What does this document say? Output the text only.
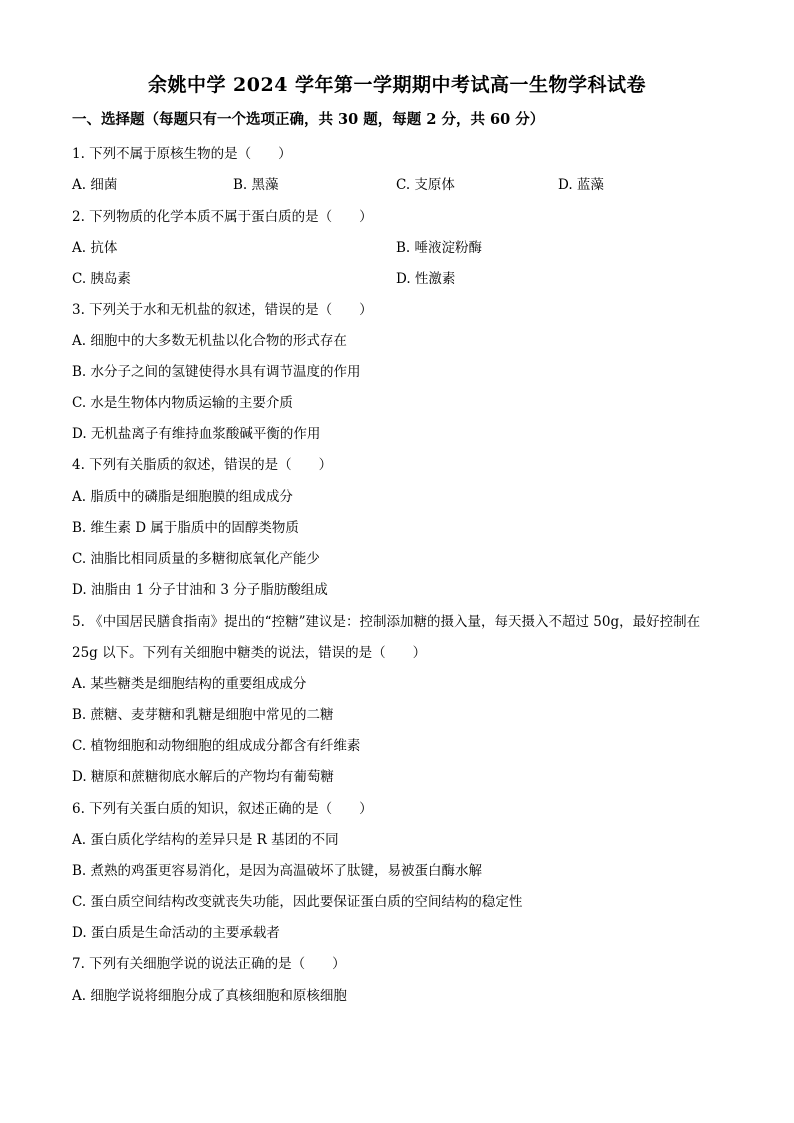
余姚中学 2024 学年第一学期期中考试高一生物学科试卷
一、选择题（每题只有一个选项正确，共 30 题，每题 2 分，共 60 分）
1. 下列不属于原核生物的是（　　）
A. 细菌	B. 黑藻	C. 支原体	D. 蓝藻
2. 下列物质的化学本质不属于蛋白质的是（　　）
A. 抗体	B. 唾液淀粉酶
C. 胰岛素	D. 性激素
3. 下列关于水和无机盐的叙述，错误的是（　　）
A. 细胞中的大多数无机盐以化合物的形式存在
B. 水分子之间的氢键使得水具有调节温度的作用
C. 水是生物体内物质运输的主要介质
D. 无机盐离子有维持血浆酸碱平衡的作用
4. 下列有关脂质的叙述，错误的是（　　）
A. 脂质中的磷脂是细胞膜的组成成分
B. 维生素 D 属于脂质中的固醇类物质
C. 油脂比相同质量的多糖彻底氧化产能少
D. 油脂由 1 分子甘油和 3 分子脂肪酸组成
5. 《中国居民膳食指南》提出的“控糖”建议是：控制添加糖的摄入量，每天摄入不超过 50g，最好控制在
25g 以下。下列有关细胞中糖类的说法，错误的是（　　）
A. 某些糖类是细胞结构的重要组成成分
B. 蔗糖、麦芽糖和乳糖是细胞中常见的二糖
C. 植物细胞和动物细胞的组成成分都含有纤维素
D. 糖原和蔗糖彻底水解后的产物均有葡萄糖
6. 下列有关蛋白质的知识，叙述正确的是（　　）
A. 蛋白质化学结构的差异只是 R 基团的不同
B. 煮熟的鸡蛋更容易消化，是因为高温破坏了肽键，易被蛋白酶水解
C. 蛋白质空间结构改变就丧失功能，因此要保证蛋白质的空间结构的稳定性
D. 蛋白质是生命活动的主要承载者
7. 下列有关细胞学说的说法正确的是（　　）
A. 细胞学说将细胞分成了真核细胞和原核细胞
